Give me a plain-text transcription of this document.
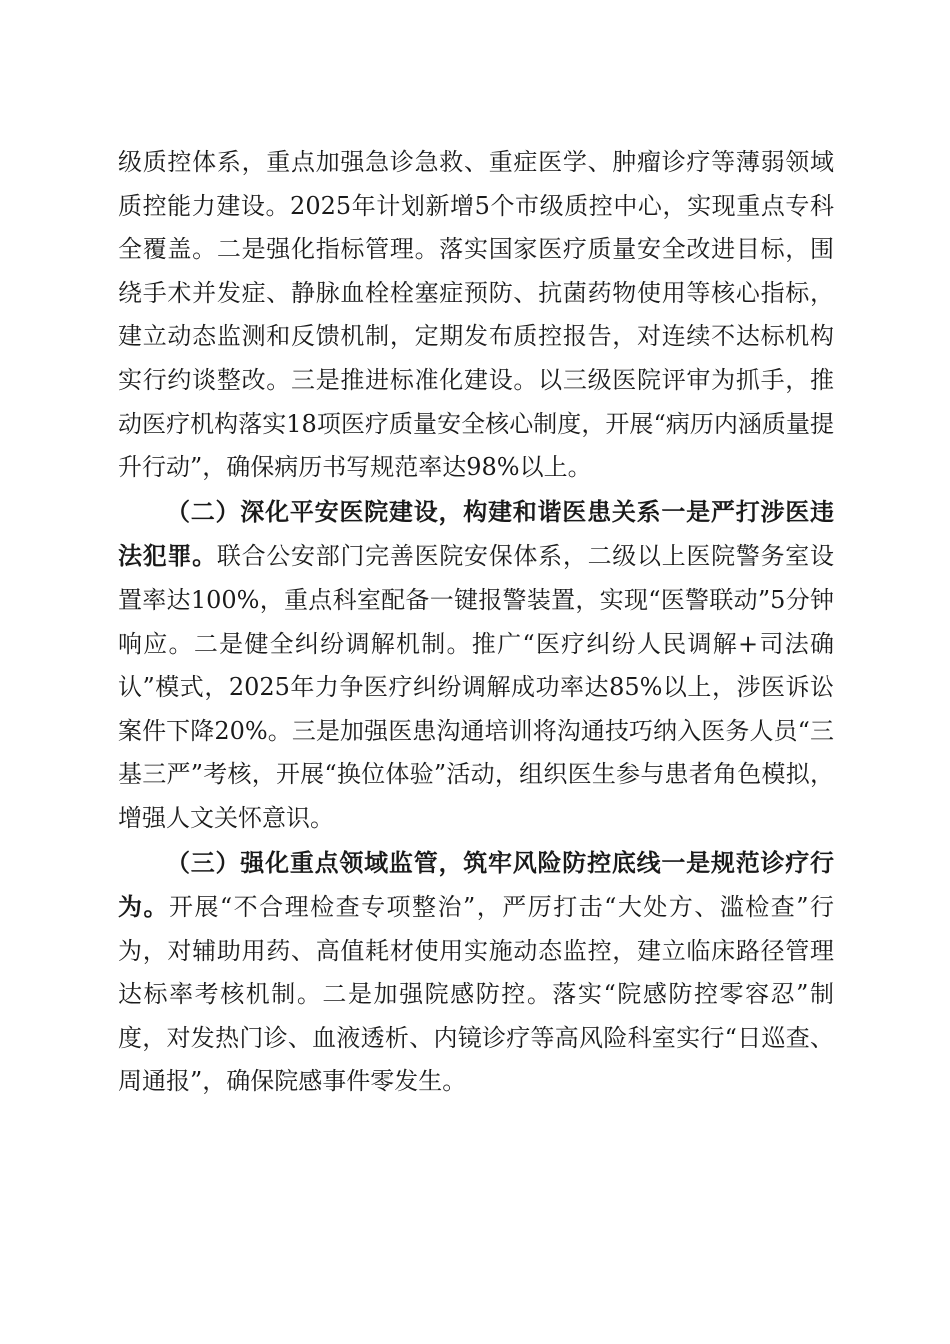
级质控体系，重点加强急诊急救、重症医学、肿瘤诊疗等薄弱领域质控能力建设。2025年计划新增5个市级质控中心，实现重点专科全覆盖。二是强化指标管理。落实国家医疗质量安全改进目标，围绕手术并发症、静脉血栓栓塞症预防、抗菌药物使用等核心指标，建立动态监测和反馈机制，定期发布质控报告，对连续不达标机构实行约谈整改。三是推进标准化建设。以三级医院评审为抓手，推动医疗机构落实18项医疗质量安全核心制度，开展“病历内涵质量提升行动”，确保病历书写规范率达98%以上。

（二）深化平安医院建设，构建和谐医患关系一是严打涉医违法犯罪。联合公安部门完善医院安保体系，二级以上医院警务室设置率达100%，重点科室配备一键报警装置，实现“医警联动”5分钟响应。二是健全纠纷调解机制。推广“医疗纠纷人民调解+司法确认”模式，2025年力争医疗纠纷调解成功率达85%以上，涉医诉讼案件下降20%。三是加强医患沟通培训将沟通技巧纳入医务人员“三基三严”考核，开展“换位体验”活动，组织医生参与患者角色模拟，增强人文关怀意识。

（三）强化重点领域监管，筑牢风险防控底线一是规范诊疗行为。开展“不合理检查专项整治”，严厉打击“大处方、滥检查”行为，对辅助用药、高值耗材使用实施动态监控，建立临床路径管理达标率考核机制。二是加强院感防控。落实“院感防控零容忍”制度，对发热门诊、血液透析、内镜诊疗等高风险科室实行“日巡查、周通报”，确保院感事件零发生。
